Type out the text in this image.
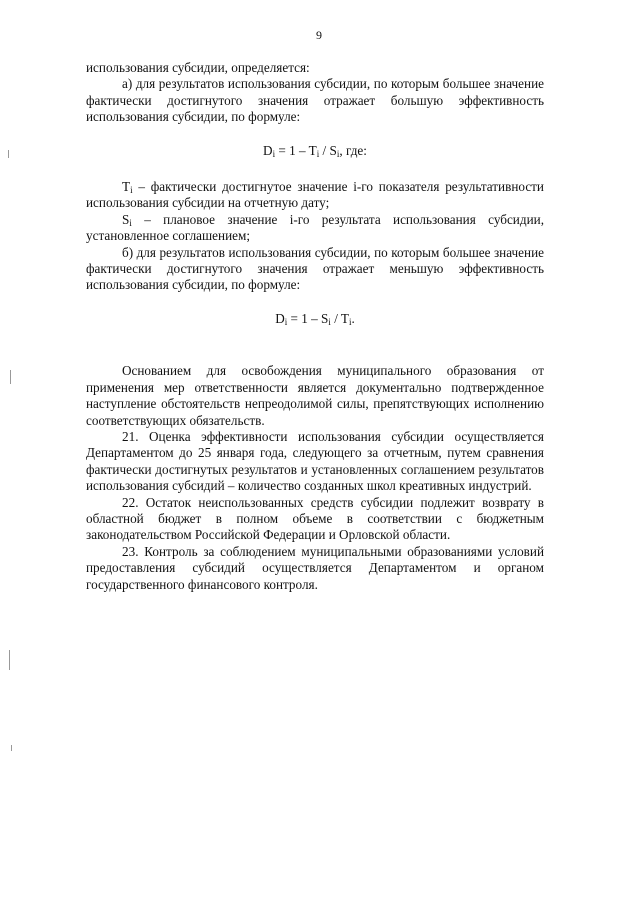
9

использования субсидии, определяется:

а) для результатов использования субсидии, по которым большее значение фактически достигнутого значения отражает большую эффективность использования субсидии, по формуле:

$D_i = 1 - T_i / S_i$, где:

$T_i$ – фактически достигнутое значение i-го показателя результативности использования субсидии на отчетную дату;

$S_i$ – плановое значение i-го результата использования субсидии, установленное соглашением;

б) для результатов использования субсидии, по которым большее значение фактически достигнутого значения отражает меньшую эффективность использования субсидии, по формуле:

$D_i = 1 - S_i / T_i$.

Основанием для освобождения муниципального образования от применения мер ответственности является документально подтвержденное наступление обстоятельств непреодолимой силы, препятствующих исполнению соответствующих обязательств.

21. Оценка эффективности использования субсидии осуществляется Департаментом до 25 января года, следующего за отчетным, путем сравнения фактически достигнутых результатов и установленных соглашением результатов использования субсидий – количество созданных школ креативных индустрий.

22. Остаток неиспользованных средств субсидии подлежит возврату в областной бюджет в полном объеме в соответствии с бюджетным законодательством Российской Федерации и Орловской области.

23. Контроль за соблюдением муниципальными образованиями условий предоставления субсидий осуществляется Департаментом и органом государственного финансового контроля.
